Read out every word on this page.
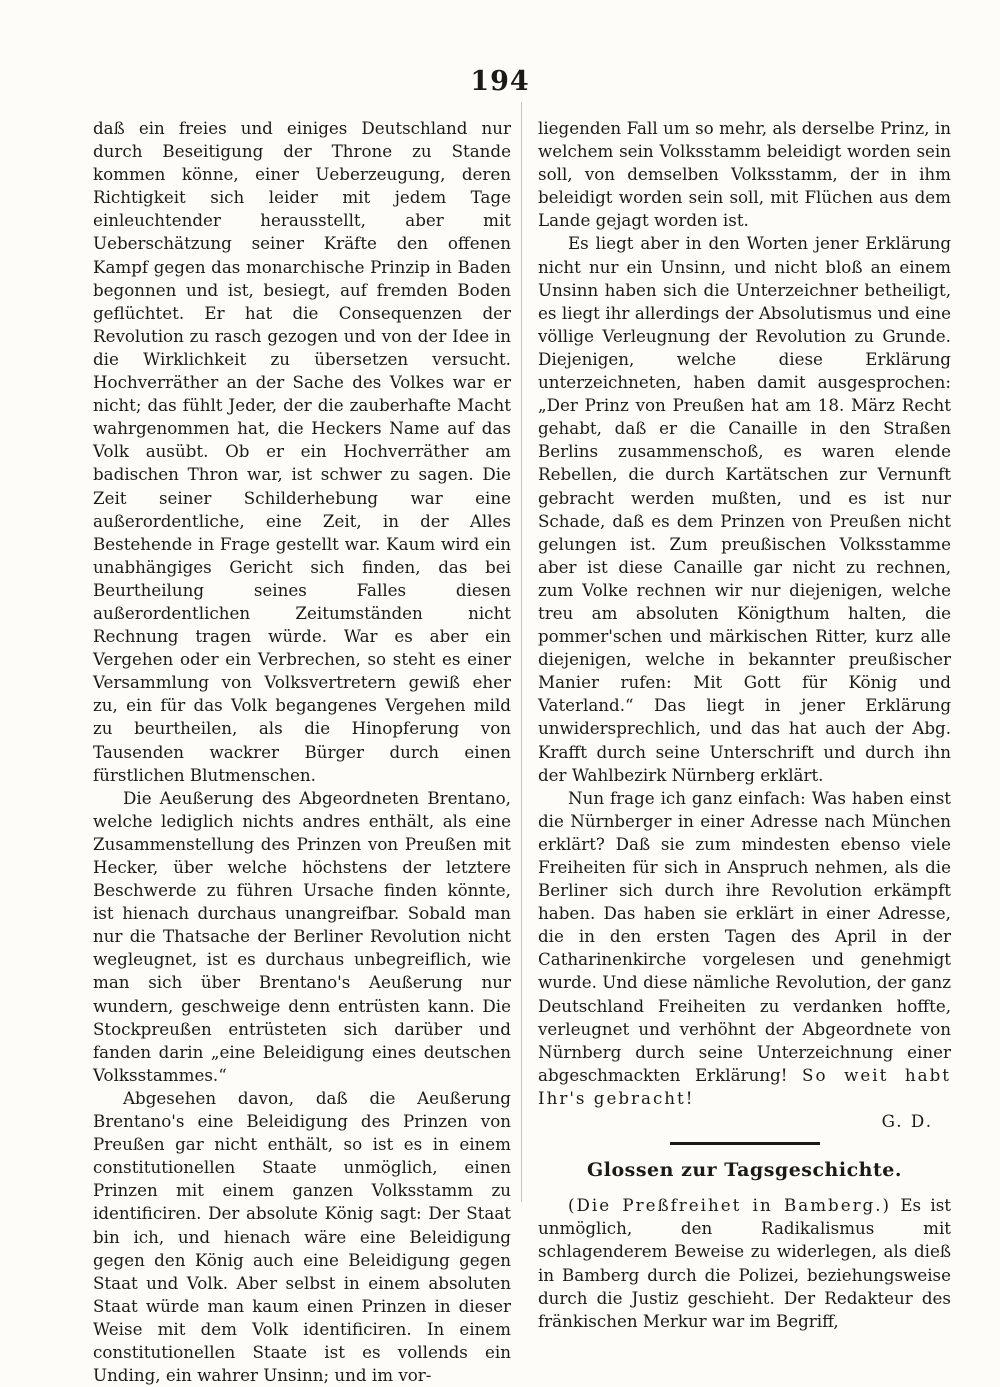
194

daß ein freies und einiges Deutschland nur durch Beseitigung der Throne zu Stande kommen könne, einer Ueberzeugung, deren Richtigkeit sich leider mit jedem Tage einleuchtender herausstellt, aber mit Ueberschätzung seiner Kräfte den offenen Kampf gegen das monarchische Prinzip in Baden begonnen und ist, besiegt, auf fremden Boden geflüchtet. Er hat die Consequenzen der Revolution zu rasch gezogen und von der Idee in die Wirklichkeit zu übersetzen versucht. Hochverräther an der Sache des Volkes war er nicht; das fühlt Jeder, der die zauberhafte Macht wahrgenommen hat, die Heckers Name auf das Volk ausübt. Ob er ein Hochverräther am badischen Thron war, ist schwer zu sagen. Die Zeit seiner Schilderhebung war eine außerordentliche, eine Zeit, in der Alles Bestehende in Frage gestellt war. Kaum wird ein unabhängiges Gericht sich finden, das bei Beurtheilung seines Falles diesen außerordentlichen Zeitumständen nicht Rechnung tragen würde. War es aber ein Vergehen oder ein Verbrechen, so steht es einer Versammlung von Volksvertretern gewiß eher zu, ein für das Volk begangenes Vergehen mild zu beurtheilen, als die Hinopferung von Tausenden wackrer Bürger durch einen fürstlichen Blutmenschen.

Die Aeußerung des Abgeordneten Brentano, welche lediglich nichts andres enthält, als eine Zusammenstellung des Prinzen von Preußen mit Hecker, über welche höchstens der letztere Beschwerde zu führen Ursache finden könnte, ist hienach durchaus unangreifbar. Sobald man nur die Thatsache der Berliner Revolution nicht wegleugnet, ist es durchaus unbegreiflich, wie man sich über Brentano's Aeußerung nur wundern, geschweige denn entrüsten kann. Die Stockpreußen entrüsteten sich darüber und fanden darin „eine Beleidigung eines deutschen Volksstammes.“

Abgesehen davon, daß die Aeußerung Brentano's eine Beleidigung des Prinzen von Preußen gar nicht enthält, so ist es in einem constitutionellen Staate unmöglich, einen Prinzen mit einem ganzen Volksstamm zu identificiren. Der absolute König sagt: Der Staat bin ich, und hienach wäre eine Beleidigung gegen den König auch eine Beleidigung gegen Staat und Volk. Aber selbst in einem absoluten Staat würde man kaum einen Prinzen in dieser Weise mit dem Volk identificiren. In einem constitutionellen Staate ist es vollends ein Unding, ein wahrer Unsinn; und im vor-

liegenden Fall um so mehr, als derselbe Prinz, in welchem sein Volksstamm beleidigt worden sein soll, von demselben Volksstamm, der in ihm beleidigt worden sein soll, mit Flüchen aus dem Lande gejagt worden ist.

Es liegt aber in den Worten jener Erklärung nicht nur ein Unsinn, und nicht bloß an einem Unsinn haben sich die Unterzeichner betheiligt, es liegt ihr allerdings der Absolutismus und eine völlige Verleugnung der Revolution zu Grunde. Diejenigen, welche diese Erklärung unterzeichneten, haben damit ausgesprochen: „Der Prinz von Preußen hat am 18. März Recht gehabt, daß er die Canaille in den Straßen Berlins zusammenschoß, es waren elende Rebellen, die durch Kartätschen zur Vernunft gebracht werden mußten, und es ist nur Schade, daß es dem Prinzen von Preußen nicht gelungen ist. Zum preußischen Volksstamme aber ist diese Canaille gar nicht zu rechnen, zum Volke rechnen wir nur diejenigen, welche treu am absoluten Königthum halten, die pommer'schen und märkischen Ritter, kurz alle diejenigen, welche in bekannter preußischer Manier rufen: Mit Gott für König und Vaterland.“ Das liegt in jener Erklärung unwidersprechlich, und das hat auch der Abg. Krafft durch seine Unterschrift und durch ihn der Wahlbezirk Nürnberg erklärt.

Nun frage ich ganz einfach: Was haben einst die Nürnberger in einer Adresse nach München erklärt? Daß sie zum mindesten ebenso viele Freiheiten für sich in Anspruch nehmen, als die Berliner sich durch ihre Revolution erkämpft haben. Das haben sie erklärt in einer Adresse, die in den ersten Tagen des April in der Catharinenkirche vorgelesen und genehmigt wurde. Und diese nämliche Revolution, der ganz Deutschland Freiheiten zu verdanken hoffte, verleugnet und verhöhnt der Abgeordnete von Nürnberg durch seine Unterzeichnung einer abgeschmackten Erklärung! So weit habt Ihr's gebracht!

G. D.
Glossen zur Tagsgeschichte.

(Die Preßfreihet in Bamberg.) Es ist unmöglich, den Radikalismus mit schlagenderem Beweise zu widerlegen, als dieß in Bamberg durch die Polizei, beziehungsweise durch die Justiz geschieht. Der Redakteur des fränkischen Merkur war im Begriff,
